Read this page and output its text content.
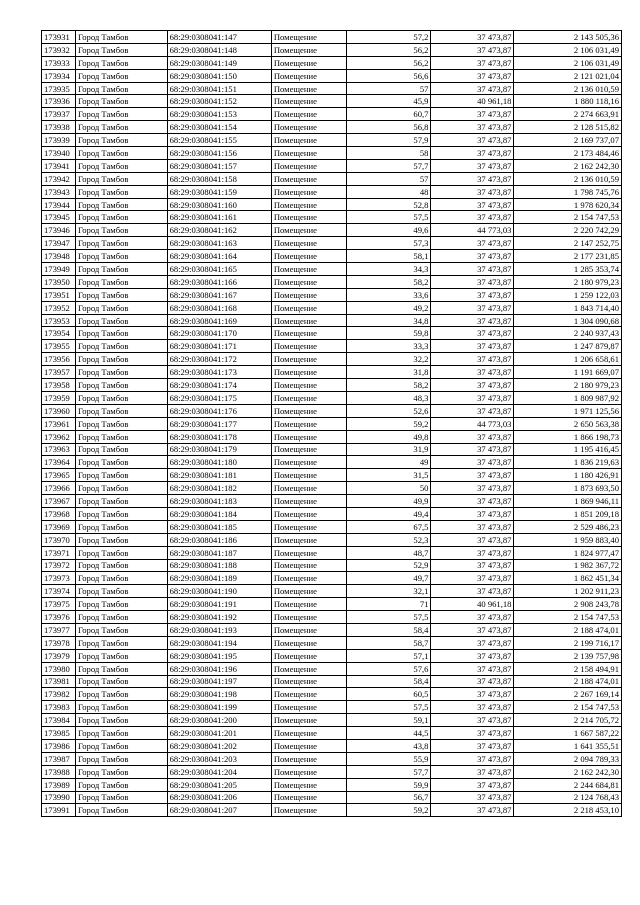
173931	Город Тамбов	68:29:0308041:147	Помещение	57,2	37 473,87	2 143 505,36
173932	Город Тамбов	68:29:0308041:148	Помещение	56,2	37 473,87	2 106 031,49
173933	Город Тамбов	68:29:0308041:149	Помещение	56,2	37 473,87	2 106 031,49
173934	Город Тамбов	68:29:0308041:150	Помещение	56,6	37 473,87	2 121 021,04
173935	Город Тамбов	68:29:0308041:151	Помещение	57	37 473,87	2 136 010,59
173936	Город Тамбов	68:29:0308041:152	Помещение	45,9	40 961,18	1 880 118,16
173937	Город Тамбов	68:29:0308041:153	Помещение	60,7	37 473,87	2 274 663,91
173938	Город Тамбов	68:29:0308041:154	Помещение	56,8	37 473,87	2 128 515,82
173939	Город Тамбов	68:29:0308041:155	Помещение	57,9	37 473,87	2 169 737,07
173940	Город Тамбов	68:29:0308041:156	Помещение	58	37 473,87	2 173 484,46
173941	Город Тамбов	68:29:0308041:157	Помещение	57,7	37 473,87	2 162 242,30
173942	Город Тамбов	68:29:0308041:158	Помещение	57	37 473,87	2 136 010,59
173943	Город Тамбов	68:29:0308041:159	Помещение	48	37 473,87	1 798 745,76
173944	Город Тамбов	68:29:0308041:160	Помещение	52,8	37 473,87	1 978 620,34
173945	Город Тамбов	68:29:0308041:161	Помещение	57,5	37 473,87	2 154 747,53
173946	Город Тамбов	68:29:0308041:162	Помещение	49,6	44 773,03	2 220 742,29
173947	Город Тамбов	68:29:0308041:163	Помещение	57,3	37 473,87	2 147 252,75
173948	Город Тамбов	68:29:0308041:164	Помещение	58,1	37 473,87	2 177 231,85
173949	Город Тамбов	68:29:0308041:165	Помещение	34,3	37 473,87	1 285 353,74
173950	Город Тамбов	68:29:0308041:166	Помещение	58,2	37 473,87	2 180 979,23
173951	Город Тамбов	68:29:0308041:167	Помещение	33,6	37 473,87	1 259 122,03
173952	Город Тамбов	68:29:0308041:168	Помещение	49,2	37 473,87	1 843 714,40
173953	Город Тамбов	68:29:0308041:169	Помещение	34,8	37 473,87	1 304 090,68
173954	Город Тамбов	68:29:0308041:170	Помещение	59,8	37 473,87	2 240 937,43
173955	Город Тамбов	68:29:0308041:171	Помещение	33,3	37 473,87	1 247 879,87
173956	Город Тамбов	68:29:0308041:172	Помещение	32,2	37 473,87	1 206 658,61
173957	Город Тамбов	68:29:0308041:173	Помещение	31,8	37 473,87	1 191 669,07
173958	Город Тамбов	68:29:0308041:174	Помещение	58,2	37 473,87	2 180 979,23
173959	Город Тамбов	68:29:0308041:175	Помещение	48,3	37 473,87	1 809 987,92
173960	Город Тамбов	68:29:0308041:176	Помещение	52,6	37 473,87	1 971 125,56
173961	Город Тамбов	68:29:0308041:177	Помещение	59,2	44 773,03	2 650 563,38
173962	Город Тамбов	68:29:0308041:178	Помещение	49,8	37 473,87	1 866 198,73
173963	Город Тамбов	68:29:0308041:179	Помещение	31,9	37 473,87	1 195 416,45
173964	Город Тамбов	68:29:0308041:180	Помещение	49	37 473,87	1 836 219,63
173965	Город Тамбов	68:29:0308041:181	Помещение	31,5	37 473,87	1 180 426,91
173966	Город Тамбов	68:29:0308041:182	Помещение	50	37 473,87	1 873 693,50
173967	Город Тамбов	68:29:0308041:183	Помещение	49,9	37 473,87	1 869 946,11
173968	Город Тамбов	68:29:0308041:184	Помещение	49,4	37 473,87	1 851 209,18
173969	Город Тамбов	68:29:0308041:185	Помещение	67,5	37 473,87	2 529 486,23
173970	Город Тамбов	68:29:0308041:186	Помещение	52,3	37 473,87	1 959 883,40
173971	Город Тамбов	68:29:0308041:187	Помещение	48,7	37 473,87	1 824 977,47
173972	Город Тамбов	68:29:0308041:188	Помещение	52,9	37 473,87	1 982 367,72
173973	Город Тамбов	68:29:0308041:189	Помещение	49,7	37 473,87	1 862 451,34
173974	Город Тамбов	68:29:0308041:190	Помещение	32,1	37 473,87	1 202 911,23
173975	Город Тамбов	68:29:0308041:191	Помещение	71	40 961,18	2 908 243,78
173976	Город Тамбов	68:29:0308041:192	Помещение	57,5	37 473,87	2 154 747,53
173977	Город Тамбов	68:29:0308041:193	Помещение	58,4	37 473,87	2 188 474,01
173978	Город Тамбов	68:29:0308041:194	Помещение	58,7	37 473,87	2 199 716,17
173979	Город Тамбов	68:29:0308041:195	Помещение	57,1	37 473,87	2 139 757,98
173980	Город Тамбов	68:29:0308041:196	Помещение	57,6	37 473,87	2 158 494,91
173981	Город Тамбов	68:29:0308041:197	Помещение	58,4	37 473,87	2 188 474,01
173982	Город Тамбов	68:29:0308041:198	Помещение	60,5	37 473,87	2 267 169,14
173983	Город Тамбов	68:29:0308041:199	Помещение	57,5	37 473,87	2 154 747,53
173984	Город Тамбов	68:29:0308041:200	Помещение	59,1	37 473,87	2 214 705,72
173985	Город Тамбов	68:29:0308041:201	Помещение	44,5	37 473,87	1 667 587,22
173986	Город Тамбов	68:29:0308041:202	Помещение	43,8	37 473,87	1 641 355,51
173987	Город Тамбов	68:29:0308041:203	Помещение	55,9	37 473,87	2 094 789,33
173988	Город Тамбов	68:29:0308041:204	Помещение	57,7	37 473,87	2 162 242,30
173989	Город Тамбов	68:29:0308041:205	Помещение	59,9	37 473,87	2 244 684,81
173990	Город Тамбов	68:29:0308041:206	Помещение	56,7	37 473,87	2 124 768,43
173991	Город Тамбов	68:29:0308041:207	Помещение	59,2	37 473,87	2 218 453,10
